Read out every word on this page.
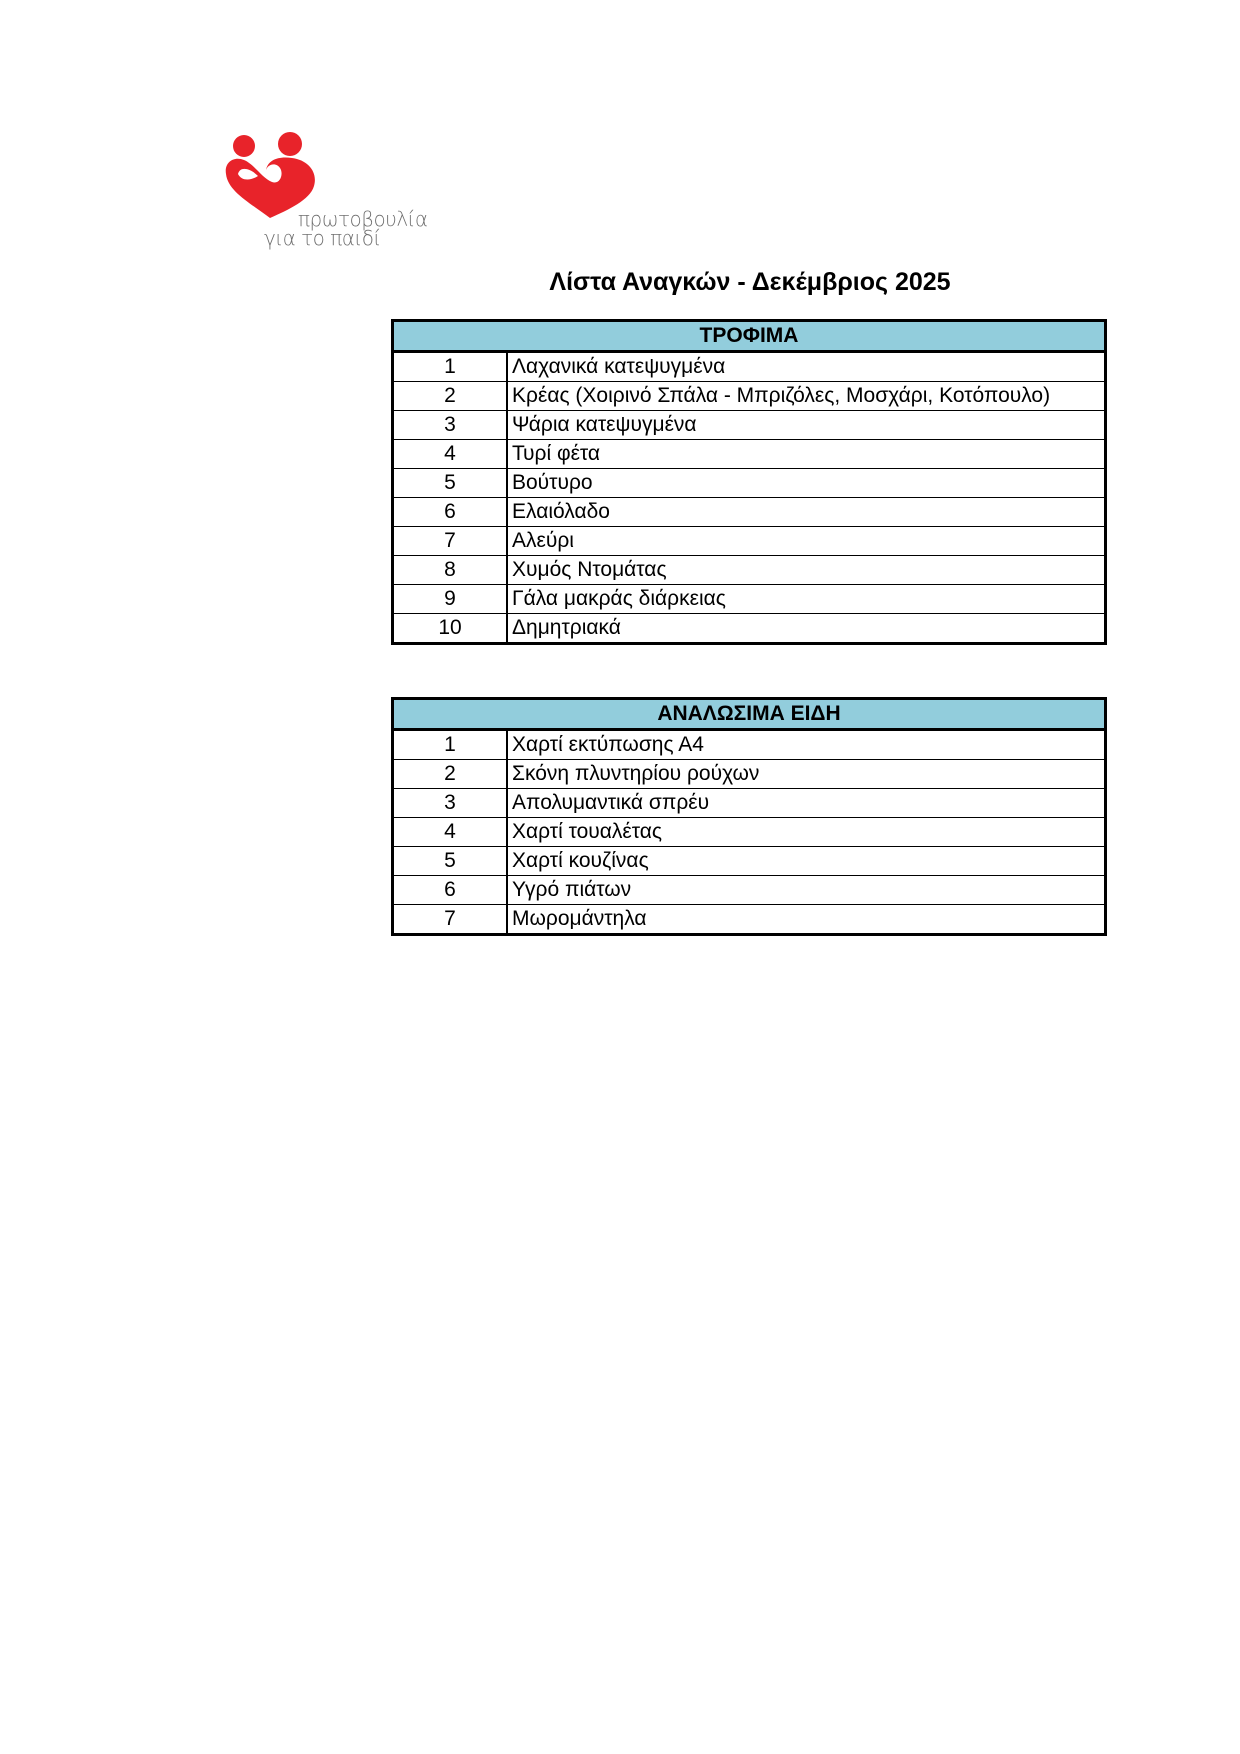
πρωτοβουλία
για το παιδί
Λίστα Αναγκών - Δεκέμβριος 2025
ΤΡΟΦΙΜΑ	
1	Λαχανικά κατεψυγμένα
2	Κρέας (Χοιρινό Σπάλα - Μπριζόλες, Μοσχάρι, Κοτόπουλο)
3	Ψάρια κατεψυγμένα
4	Τυρί φέτα
5	Βούτυρο
6	Ελαιόλαδο
7	Αλεύρι
8	Χυμός Ντομάτας
9	Γάλα μακράς διάρκειας
10	Δημητριακά
ΑΝΑΛΩΣΙΜΑ ΕΙΔΗ	
1	Χαρτί εκτύπωσης Α4
2	Σκόνη πλυντηρίου ρούχων
3	Απολυμαντικά σπρέυ
4	Χαρτί τουαλέτας
5	Χαρτί κουζίνας
6	Υγρό πιάτων
7	Μωρομάντηλα
